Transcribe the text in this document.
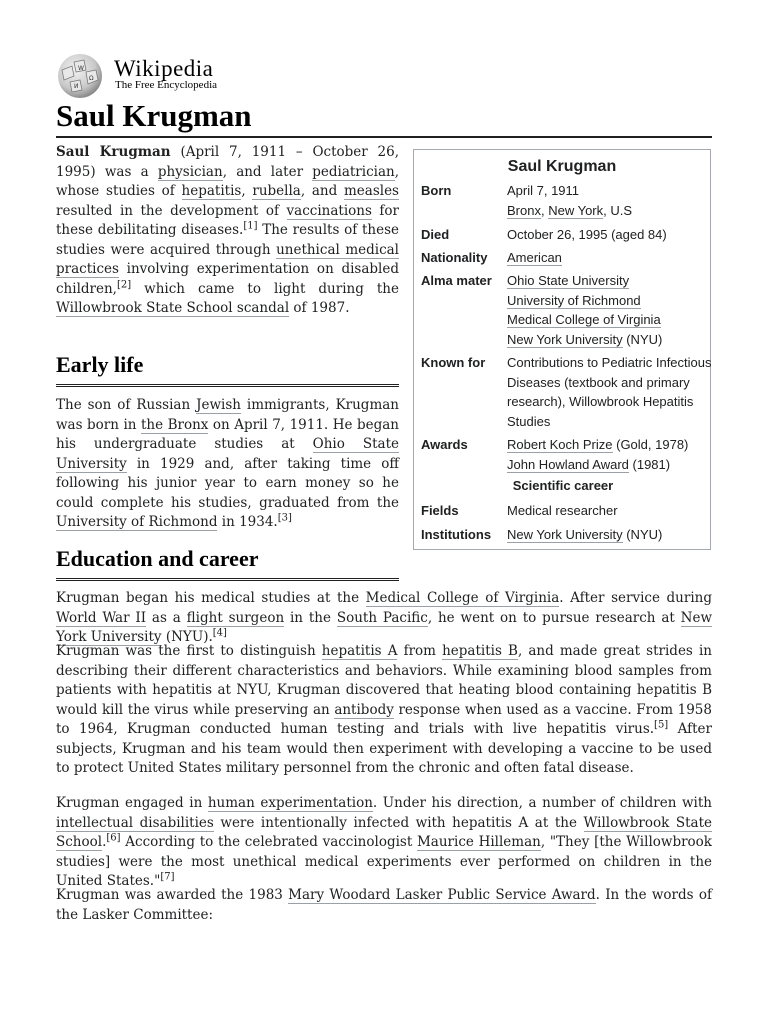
W
Ω
И
Wikipedia
The Free Encyclopedia
Saul Krugman

Saul Krugman (April 7, 1911 – October 26, 1995) was a physician, and later pediatrician, whose studies of hepatitis, rubella, and measles resulted in the development of vaccinations for these debilitating diseases.[1] The results of these studies were acquired through unethical medical practices involving experimentation on disabled children,[2] which came to light during the Willowbrook State School scandal of 1987.

Early life

The son of Russian Jewish immigrants, Krugman was born in the Bronx on April 7, 1911. He began his undergraduate studies at Ohio State University in 1929 and, after taking time off following his junior year to earn money so he could complete his studies, graduated from the University of Richmond in 1934.[3]

Education and career

Krugman began his medical studies at the Medical College of Virginia. After service during World War II as a flight surgeon in the South Pacific, he went on to pursue research at New York University (NYU).[4]

Krugman was the first to distinguish hepatitis A from hepatitis B, and made great strides in describing their different characteristics and behaviors. While examining blood samples from patients with hepatitis at NYU, Krugman discovered that heating blood containing hepatitis B would kill the virus while preserving an antibody response when used as a vaccine. From 1958 to 1964, Krugman conducted human testing and trials with live hepatitis virus.[5] After subjects, Krugman and his team would then experiment with developing a vaccine to be used to protect United States military personnel from the chronic and often fatal disease.

Krugman engaged in human experimentation. Under his direction, a number of children with intellectual disabilities were intentionally infected with hepatitis A at the Willowbrook State School.[6] According to the celebrated vaccinologist Maurice Hilleman, "They [the Willowbrook studies] were the most unethical medical experiments ever performed on children in the United States."[7]

Krugman was awarded the 1983 Mary Woodard Lasker Public Service Award. In the words of the Lasker Committee:

Saul Krugman
Born	April 7, 1911
Bronx, New York, U.S
Died	October 26, 1995 (aged 84)
Nationality	American
Alma mater	Ohio State University
University of Richmond
Medical College of Virginia
New York University (NYU)
Known for	Contributions to Pediatric Infectious Diseases (textbook and primary research), Willowbrook Hepatitis Studies
Awards	Robert Koch Prize (Gold, 1978)
John Howland Award (1981)
Scientific career
Fields	Medical researcher
Institutions	New York University (NYU)
